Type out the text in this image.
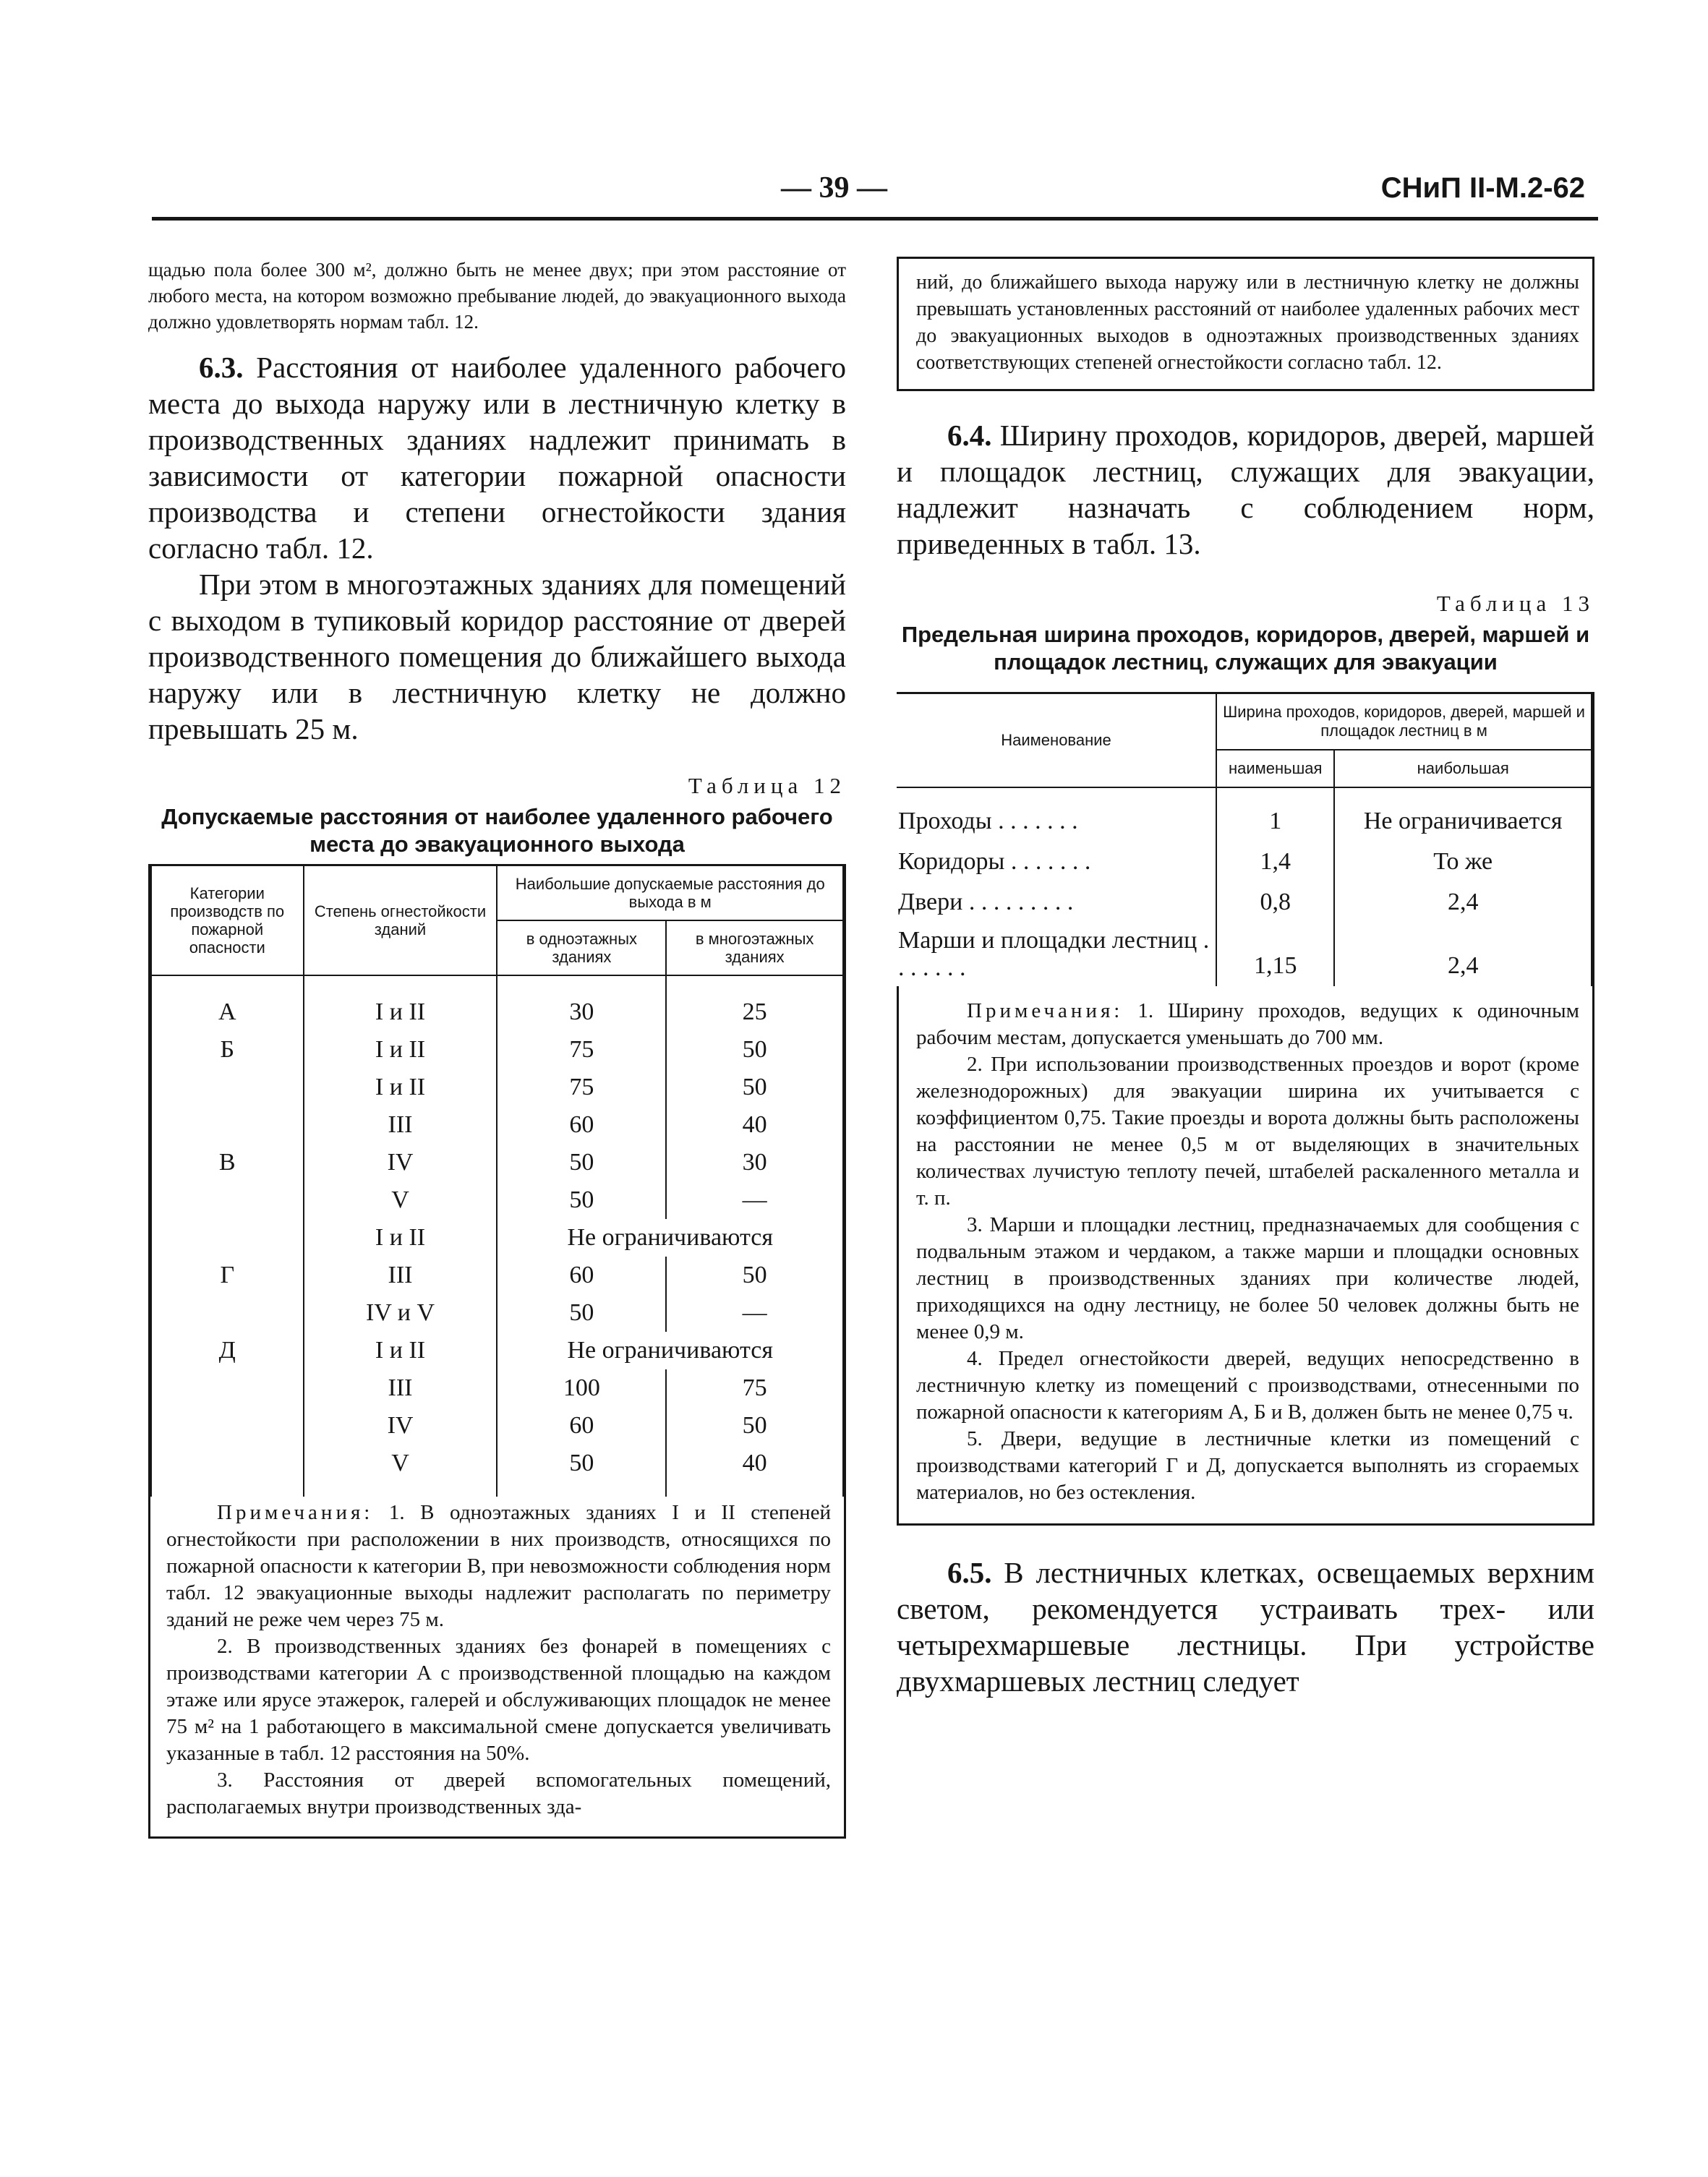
— 39 —	СНиП II-М.2-62

щадью пола более 300 м², должно быть не менее двух; при этом расстояние от любого места, на котором возможно пребывание людей, до эвакуационного выхода должно удовлетворять нормам табл. 12.

6.3. Расстояния от наиболее удаленного рабочего места до выхода наружу или в лестничную клетку в производственных зданиях надлежит принимать в зависимости от категории пожарной опасности производства и степени огнестойкости здания согласно табл. 12.

При этом в многоэтажных зданиях для помещений с выходом в тупиковый коридор расстояние от дверей производственного помещения до ближайшего выхода наружу или в лестничную клетку не должно превышать 25 м.

Таблица 12
Допускаемые расстояния от наиболее удаленного рабочего места до эвакуационного выхода
Категории производств по пожарной опасности	Степень огнестойкости зданий	Наибольшие допускаемые расстояния до выхода в м	
		в одноэтажных зданиях	в многоэтажных зданиях
А	I и II	30	25
Б	I и II	75	50
	I и II	75	50
	III	60	40
В	IV	50	30
	V	50	—
	I и II	Не ограничиваются	
Г	III	60	50
	IV и V	50	—
Д	I и II	Не ограничиваются	
	III	100	75
	IV	60	50
	V	50	40

Примечания: 1. В одноэтажных зданиях I и II степеней огнестойкости при расположении в них производств, относящихся по пожарной опасности к категории В, при невозможности соблюдения норм табл. 12 эвакуационные выходы надлежит располагать по периметру зданий не реже чем через 75 м.

2. В производственных зданиях без фонарей в помещениях с производствами категории А с производственной площадью на каждом этаже или ярусе этажерок, галерей и обслуживающих площадок не менее 75 м² на 1 работающего в максимальной смене допускается увеличивать указанные в табл. 12 расстояния на 50%.

3. Расстояния от дверей вспомогательных помещений, располагаемых внутри производственных зда-

ний, до ближайшего выхода наружу или в лестничную клетку не должны превышать установленных расстояний от наиболее удаленных рабочих мест до эвакуационных выходов в одноэтажных производственных зданиях соответствующих степеней огнестойкости согласно табл. 12.

6.4. Ширину проходов, коридоров, дверей, маршей и площадок лестниц, служащих для эвакуации, надлежит назначать с соблюдением норм, приведенных в табл. 13.

Таблица 13
Предельная ширина проходов, коридоров, дверей, маршей и площадок лестниц, служащих для эвакуации
Наименование	Ширина проходов, коридоров, дверей, маршей и площадок лестниц в м	
	наименьшая	наибольшая
Проходы . . . . . . .	1	Не ограничивается
Коридоры . . . . . . .	1,4	То же
Двери . . . . . . . . .	0,8	2,4
Марши и площадки лестниц . . . . . . .	1,15	2,4

Примечания: 1. Ширину проходов, ведущих к одиночным рабочим местам, допускается уменьшать до 700 мм.

2. При использовании производственных проездов и ворот (кроме железнодорожных) для эвакуации ширина их учитывается с коэффициентом 0,75. Такие проезды и ворота должны быть расположены на расстоянии не менее 0,5 м от выделяющих в значительных количествах лучистую теплоту печей, штабелей раскаленного металла и т. п.

3. Марши и площадки лестниц, предназначаемых для сообщения с подвальным этажом и чердаком, а также марши и площадки основных лестниц в производственных зданиях при количестве людей, приходящихся на одну лестницу, не более 50 человек должны быть не менее 0,9 м.

4. Предел огнестойкости дверей, ведущих непосредственно в лестничную клетку из помещений с производствами, отнесенными по пожарной опасности к категориям А, Б и В, должен быть не менее 0,75 ч.

5. Двери, ведущие в лестничные клетки из помещений с производствами категорий Г и Д, допускается выполнять из сгораемых материалов, но без остекления.

6.5. В лестничных клетках, освещаемых верхним светом, рекомендуется устраивать трех- или четырехмаршевые лестницы. При устройстве двухмаршевых лестниц следует
